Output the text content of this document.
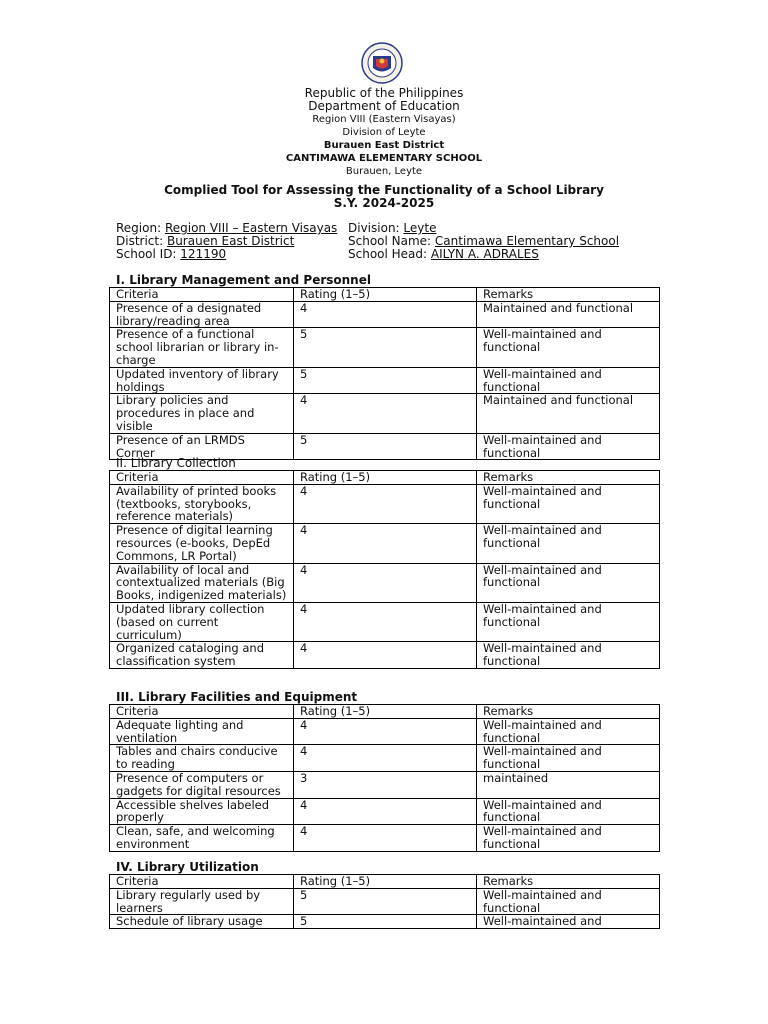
Republic of the Philippines
Department of Education
Region VIII (Eastern Visayas)
Division of Leyte
Burauen East District
CANTIMAWA ELEMENTARY SCHOOL
Burauen, Leyte
Complied Tool for Assessing the Functionality of a School Library
S.Y. 2024-2025
Region: Region VIII – Eastern Visayas
District: Burauen East District
School ID: 121190
Division: Leyte
School Name: Cantimawa Elementary School
School Head: AILYN A. ADRALES
I. Library Management and Personnel
Criteria	Rating (1–5)	Remarks
Presence of a designated library/reading area	4	Maintained and functional
Presence of a functional school librarian or library in-charge	5	Well-maintained and functional
Updated inventory of library holdings	5	Well-maintained and functional
Library policies and procedures in place and visible	4	Maintained and functional
Presence of an LRMDS Corner	5	Well-maintained and functional
II. Library Collection
Criteria	Rating (1–5)	Remarks
Availability of printed books (textbooks, storybooks, reference materials)	4	Well-maintained and functional
Presence of digital learning resources (e-books, DepEd Commons, LR Portal)	4	Well-maintained and functional
Availability of local and contextualized materials (Big Books, indigenized materials)	4	Well-maintained and functional
Updated library collection (based on current curriculum)	4	Well-maintained and functional
Organized cataloging and classification system	4	Well-maintained and functional
III. Library Facilities and Equipment
Criteria	Rating (1–5)	Remarks
Adequate lighting and ventilation	4	Well-maintained and functional
Tables and chairs conducive to reading	4	Well-maintained and functional
Presence of computers or gadgets for digital resources	3	maintained
Accessible shelves labeled properly	4	Well-maintained and functional
Clean, safe, and welcoming environment	4	Well-maintained and functional
IV. Library Utilization
Criteria	Rating (1–5)	Remarks
Library regularly used by learners	5	Well-maintained and functional
Schedule of library usage	5	Well-maintained and
